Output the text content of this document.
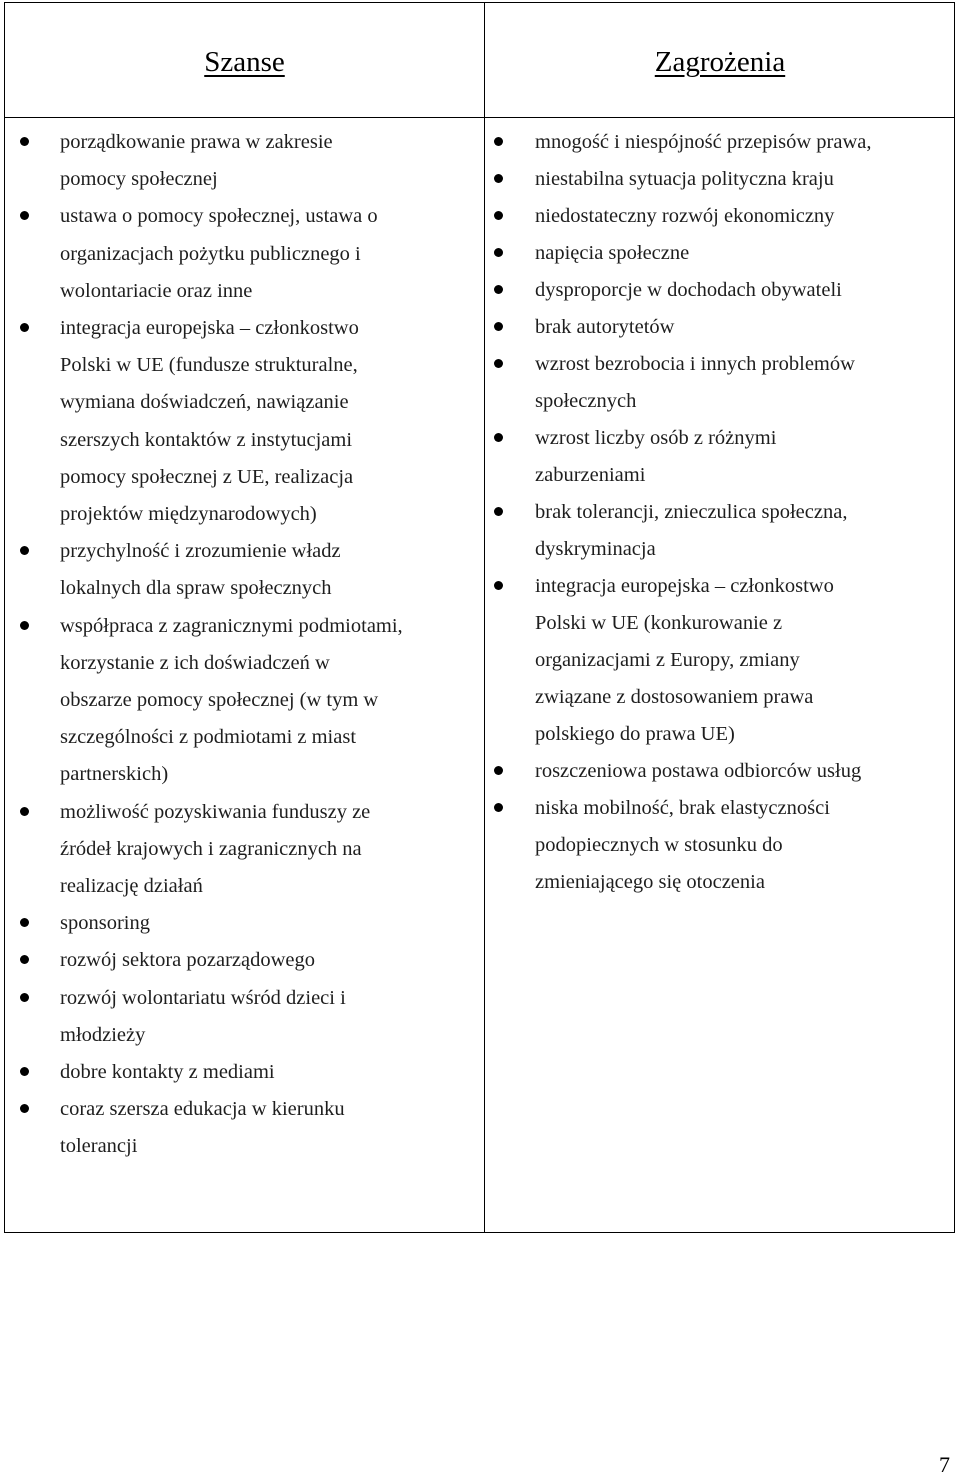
Szanse	Zagrożenia
porządkowanie prawa w zakresie
pomocy społecznej
ustawa o pomocy społecznej, ustawa o
organizacjach pożytku publicznego i
wolontariacie oraz inne
integracja europejska – członkostwo
Polski w UE (fundusze strukturalne,
wymiana doświadczeń, nawiązanie
szerszych kontaktów z instytucjami
pomocy społecznej z UE, realizacja
projektów międzynarodowych)
przychylność i zrozumienie władz
lokalnych dla spraw społecznych
współpraca z zagranicznymi podmiotami,
korzystanie z ich doświadczeń w
obszarze pomocy społecznej (w tym w
szczególności z podmiotami z miast
partnerskich)
możliwość pozyskiwania funduszy ze
źródeł krajowych i zagranicznych na
realizację działań
sponsoring
rozwój sektora pozarządowego
rozwój wolontariatu wśród dzieci i
młodzieży
dobre kontakty z mediami
coraz szersza edukacja w kierunku
tolerancji
mnogość i niespójność przepisów prawa,
niestabilna sytuacja polityczna kraju
niedostateczny rozwój ekonomiczny
napięcia społeczne
dysproporcje w dochodach obywateli
brak autorytetów
wzrost bezrobocia i innych problemów
społecznych
wzrost liczby osób z różnymi
zaburzeniami
brak tolerancji, znieczulica społeczna,
dyskryminacja
integracja europejska – członkostwo
Polski w UE (konkurowanie z
organizacjami z Europy, zmiany
związane z dostosowaniem prawa
polskiego do prawa UE)
roszczeniowa postawa odbiorców usług
niska mobilność, brak elastyczności
podopiecznych w stosunku do
zmieniającego się otoczenia
7
